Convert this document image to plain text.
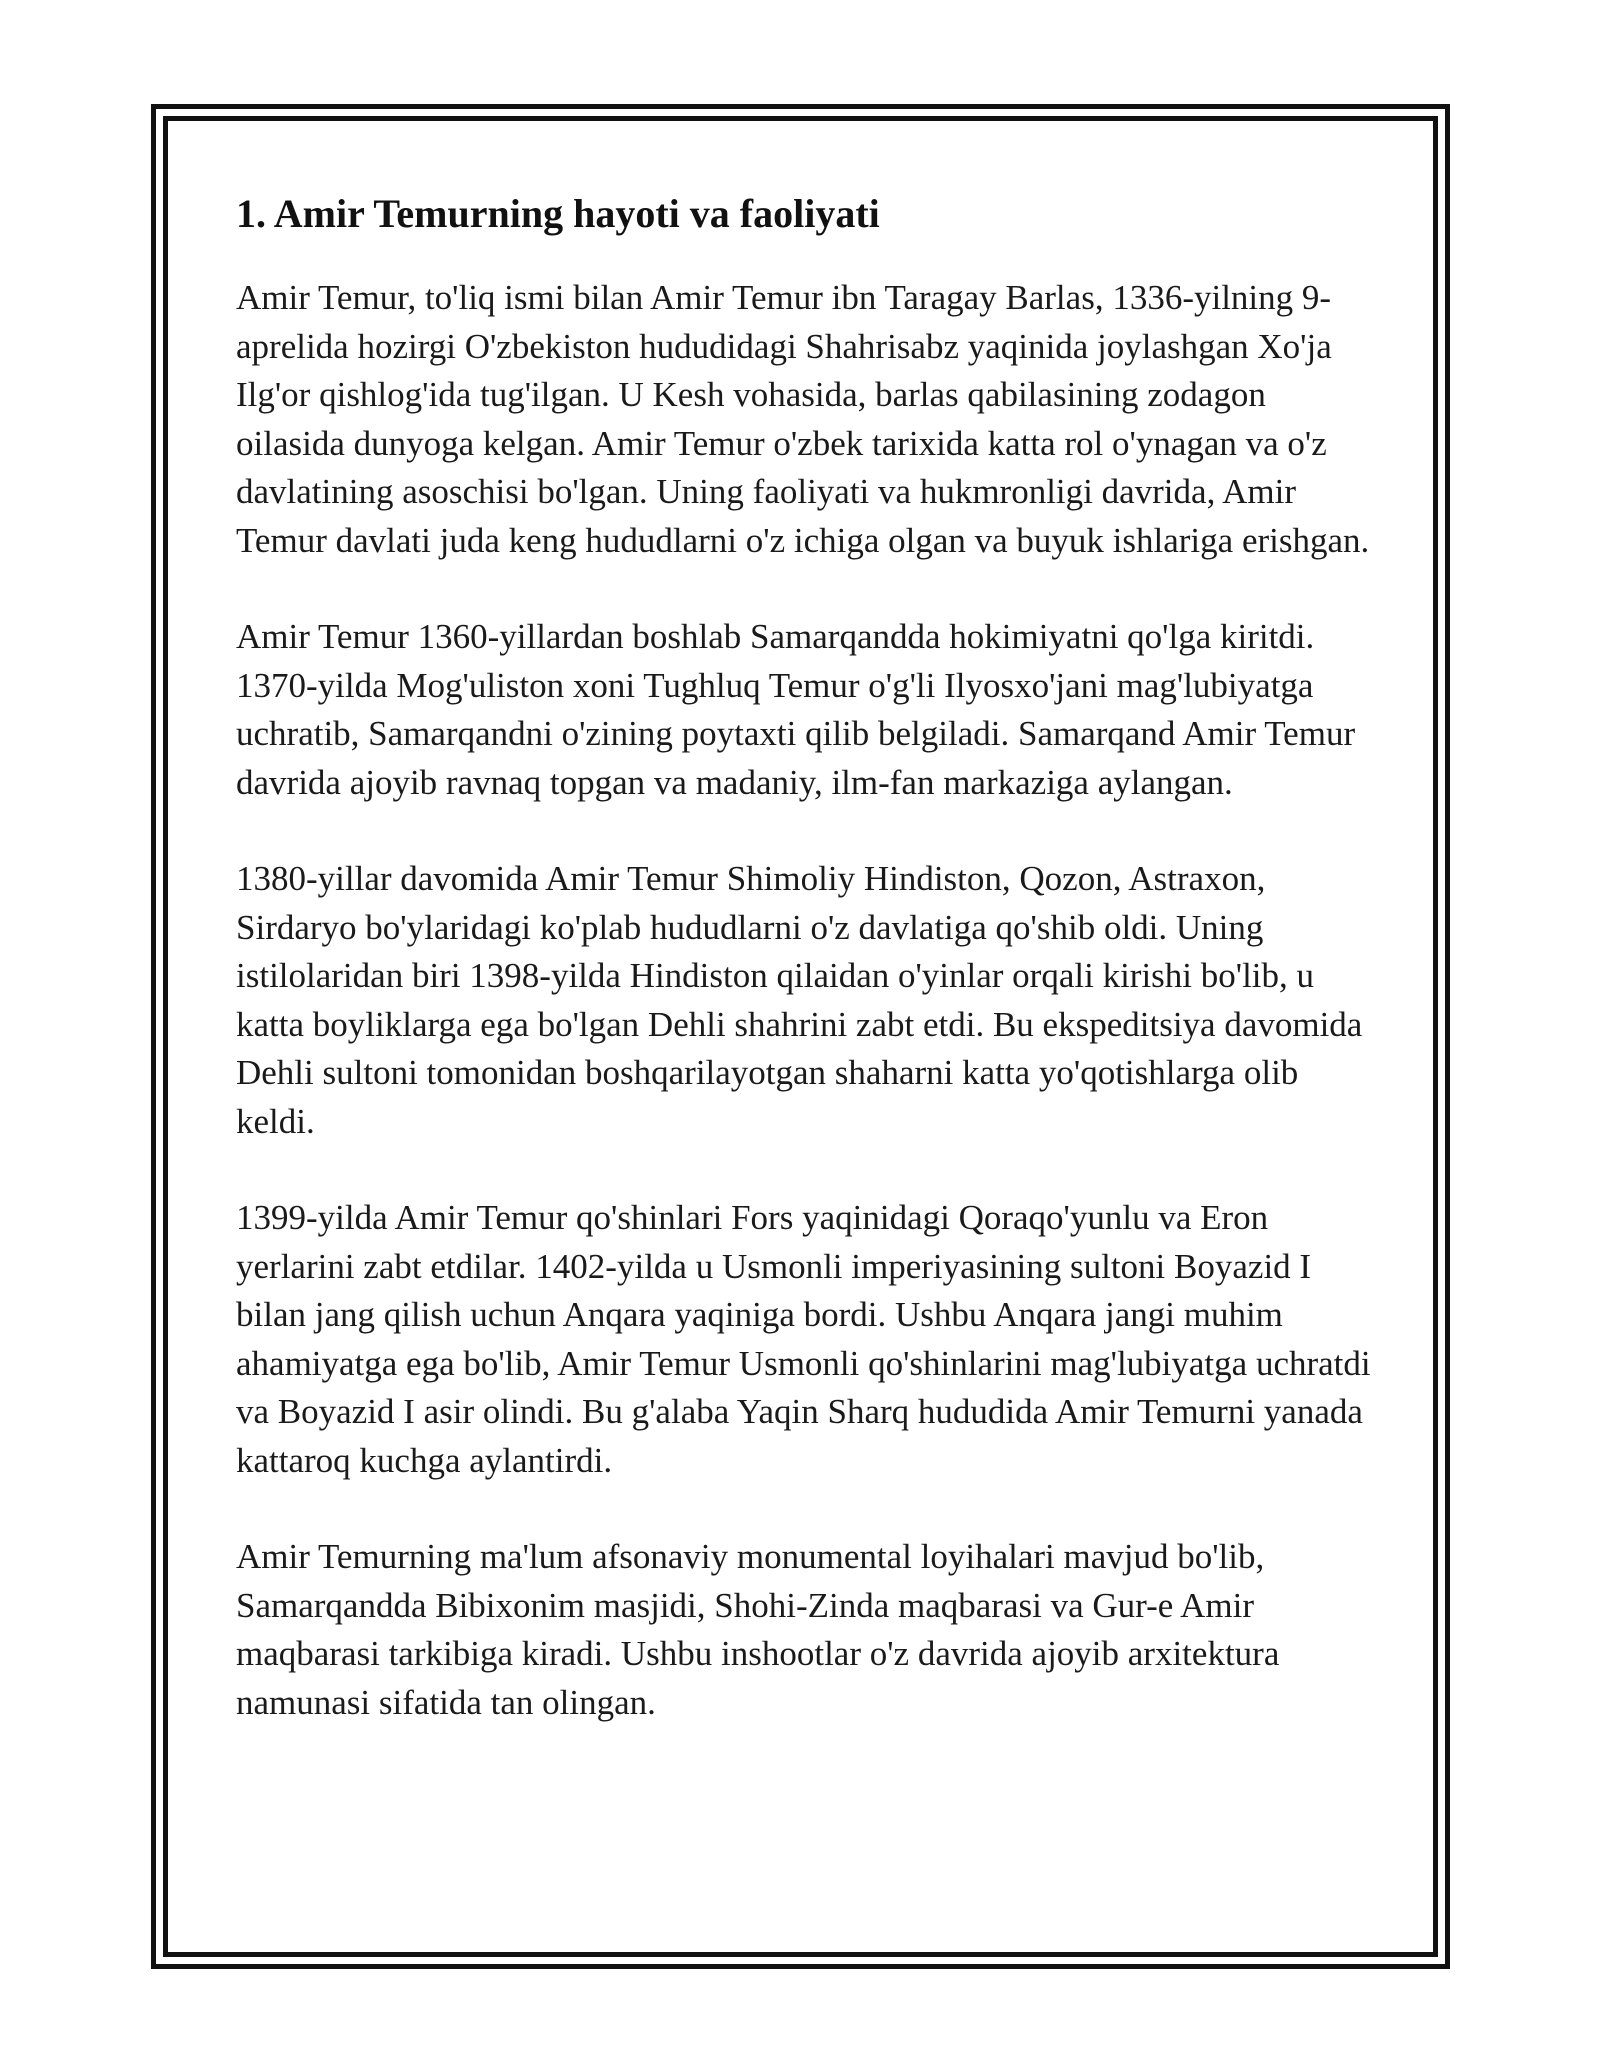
1. Amir Temurning hayoti va faoliyati

Amir Temur, to'liq ismi bilan Amir Temur ibn Taragay Barlas, 1336-yilning 9-aprelida hozirgi O'zbekiston hududidagi Shahrisabz yaqinida joylashgan Xo'ja Ilg'or qishlog'ida tug'ilgan. U Kesh vohasida, barlas qabilasining zodagon oilasida dunyoga kelgan. Amir Temur o'zbek tarixida katta rol o'ynagan va o'z davlatining asoschisi bo'lgan. Uning faoliyati va hukmronligi davrida, Amir Temur davlati juda keng hududlarni o'z ichiga olgan va buyuk ishlariga erishgan.

Amir Temur 1360-yillardan boshlab Samarqandda hokimiyatni qo'lga kiritdi. 1370-yilda Mog'uliston xoni Tughluq Temur o'g'li Ilyosxo'jani mag'lubiyatga uchratib, Samarqandni o'zining poytaxti qilib belgiladi. Samarqand Amir Temur davrida ajoyib ravnaq topgan va madaniy, ilm-fan markaziga aylangan.

1380-yillar davomida Amir Temur Shimoliy Hindiston, Qozon, Astraxon, Sirdaryo bo'ylaridagi ko'plab hududlarni o'z davlatiga qo'shib oldi. Uning istilolaridan biri 1398-yilda Hindiston qilaidan o'yinlar orqali kirishi bo'lib, u katta boyliklarga ega bo'lgan Dehli shahrini zabt etdi. Bu ekspeditsiya davomida Dehli sultoni tomonidan boshqarilayotgan shaharni katta yo'qotishlarga olib keldi.

1399-yilda Amir Temur qo'shinlari Fors yaqinidagi Qoraqo'yunlu va Eron yerlarini zabt etdilar. 1402-yilda u Usmonli imperiyasining sultoni Boyazid I bilan jang qilish uchun Anqara yaqiniga bordi. Ushbu Anqara jangi muhim ahamiyatga ega bo'lib, Amir Temur Usmonli qo'shinlarini mag'lubiyatga uchratdi va Boyazid I asir olindi. Bu g'alaba Yaqin Sharq hududida Amir Temurni yanada kattaroq kuchga aylantirdi.

Amir Temurning ma'lum afsonaviy monumental loyihalari mavjud bo'lib, Samarqandda Bibixonim masjidi, Shohi-Zinda maqbarasi va Gur-e Amir maqbarasi tarkibiga kiradi. Ushbu inshootlar o'z davrida ajoyib arxitektura namunasi sifatida tan olingan.
